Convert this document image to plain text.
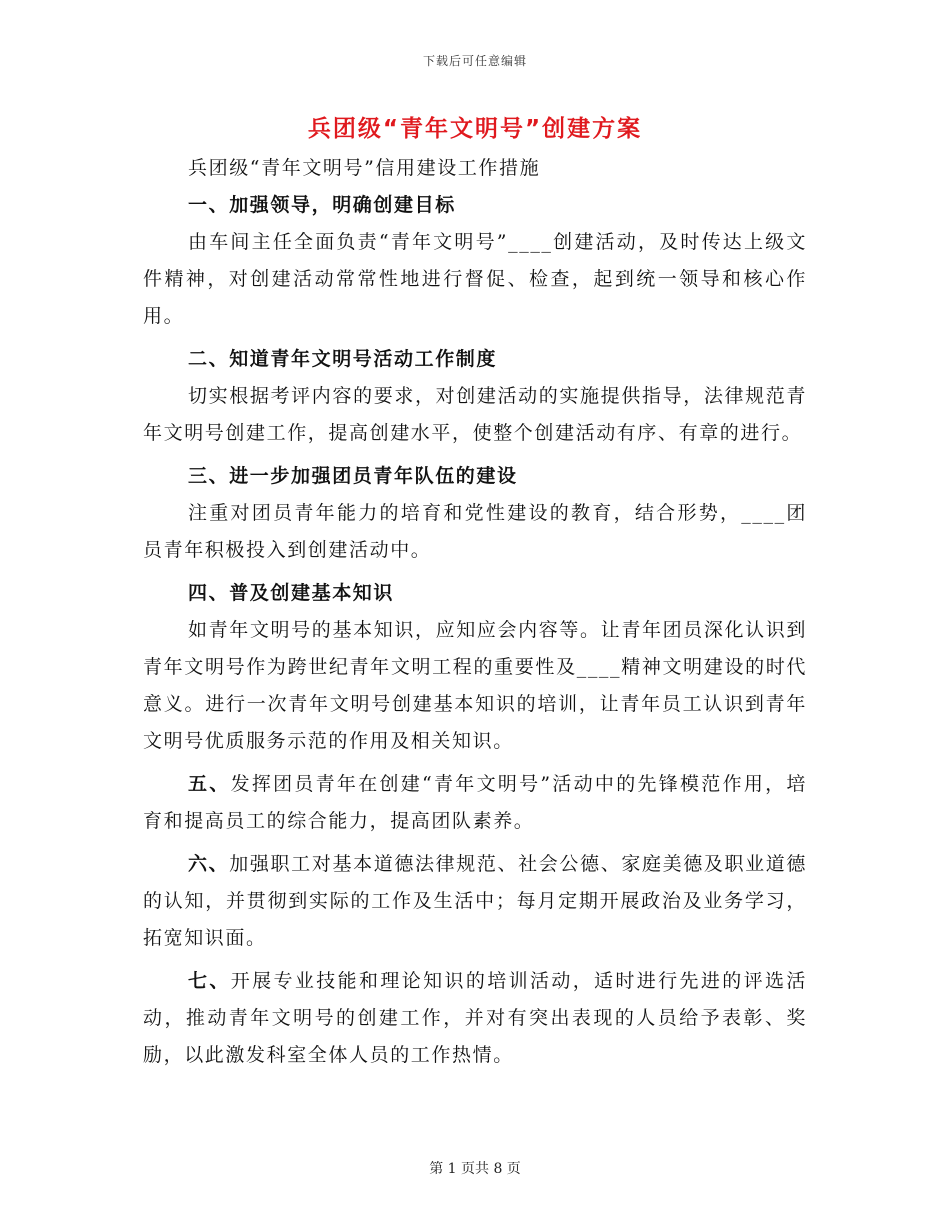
下载后可任意编辑
兵团级“青年文明号”创建方案

兵团级“青年文明号”信用建设工作措施

一、加强领导，明确创建目标

由车间主任全面负责“青年文明号”____创建活动，及时传达上级文件精神，对创建活动常常性地进行督促、检查，起到统一领导和核心作用。

二、知道青年文明号活动工作制度

切实根据考评内容的要求，对创建活动的实施提供指导，法律规范青年文明号创建工作，提高创建水平，使整个创建活动有序、有章的进行。

三、进一步加强团员青年队伍的建设

注重对团员青年能力的培育和党性建设的教育，结合形势，____团员青年积极投入到创建活动中。

四、普及创建基本知识

如青年文明号的基本知识，应知应会内容等。让青年团员深化认识到青年文明号作为跨世纪青年文明工程的重要性及____精神文明建设的时代意义。进行一次青年文明号创建基本知识的培训，让青年员工认识到青年文明号优质服务示范的作用及相关知识。

五、发挥团员青年在创建“青年文明号”活动中的先锋模范作用，培育和提高员工的综合能力，提高团队素养。

六、加强职工对基本道德法律规范、社会公德、家庭美德及职业道德的认知，并贯彻到实际的工作及生活中；每月定期开展政治及业务学习，拓宽知识面。

七、开展专业技能和理论知识的培训活动，适时进行先进的评选活动，推动青年文明号的创建工作，并对有突出表现的人员给予表彰、奖励，以此激发科室全体人员的工作热情。

第 1 页共 8 页
